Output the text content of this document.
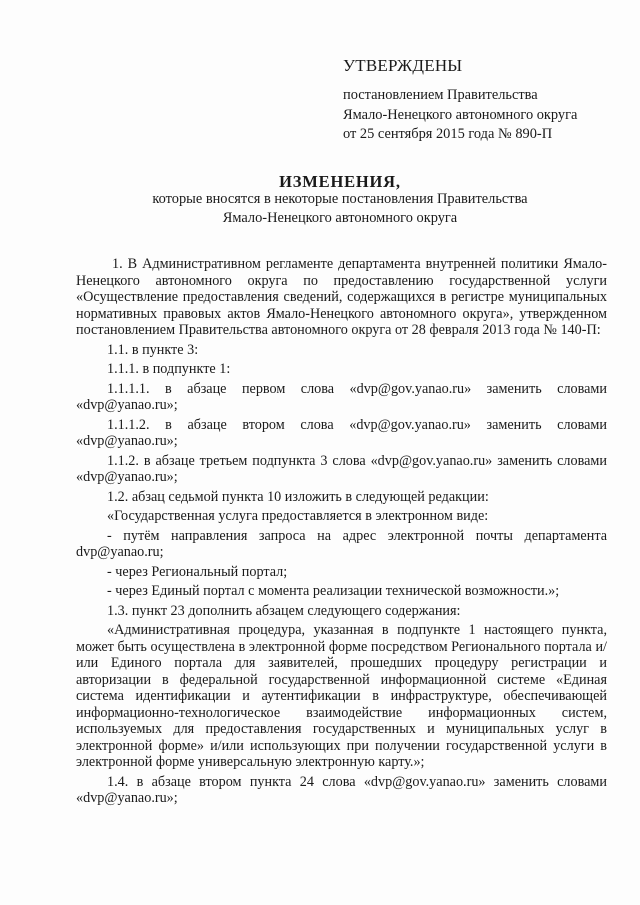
УТВЕРЖДЕНЫ
постановлением Правительства
Ямало-Ненецкого автономного округа
от 25 сентября 2015 года № 890-П
ИЗМЕНЕНИЯ,
которые вносятся в некоторые постановления Правительства
Ямало-Ненецкого автономного округа

1. В Административном регламенте департамента внутренней политики Ямало-Ненецкого автономного округа по предоставлению государственной услуги «Осуществление предоставления сведений, содержащихся в регистре муниципальных нормативных правовых актов Ямало-Ненецкого автономного округа», утвержденном постановлением Правительства автономного округа от 28 февраля 2013 года № 140-П:

1.1. в пункте 3:

1.1.1. в подпункте 1:

1.1.1.1. в абзаце первом слова «dvp@gov.yanao.ru» заменить словами «dvp@yanao.ru»;

1.1.1.2. в абзаце втором слова «dvp@gov.yanao.ru» заменить словами «dvp@yanao.ru»;

1.1.2. в абзаце третьем подпункта 3 слова «dvp@gov.yanao.ru» заменить словами «dvp@yanao.ru»;

1.2. абзац седьмой пункта 10 изложить в следующей редакции:

«Государственная услуга предоставляется в электронном виде:

- путём направления запроса на адрес электронной почты департамента dvp@yanao.ru;

- через Региональный портал;

- через Единый портал с момента реализации технической возможности.»;

1.3. пункт 23 дополнить абзацем следующего содержания:

«Административная процедура, указанная в подпункте 1 настоящего пункта, может быть осуществлена в электронной форме посредством Регионального портала и/или Единого портала для заявителей, прошедших процедуру регистрации и авторизации в федеральной государственной информационной системе «Единая система идентификации и аутентификации в инфраструктуре, обеспечивающей информационно-технологическое взаимодействие информационных систем, используемых для предоставления государственных и муниципальных услуг в электронной форме» и/или использующих при получении государственной услуги в электронной форме универсальную электронную карту.»;

1.4. в абзаце втором пункта 24 слова «dvp@gov.yanao.ru» заменить словами «dvp@yanao.ru»;
